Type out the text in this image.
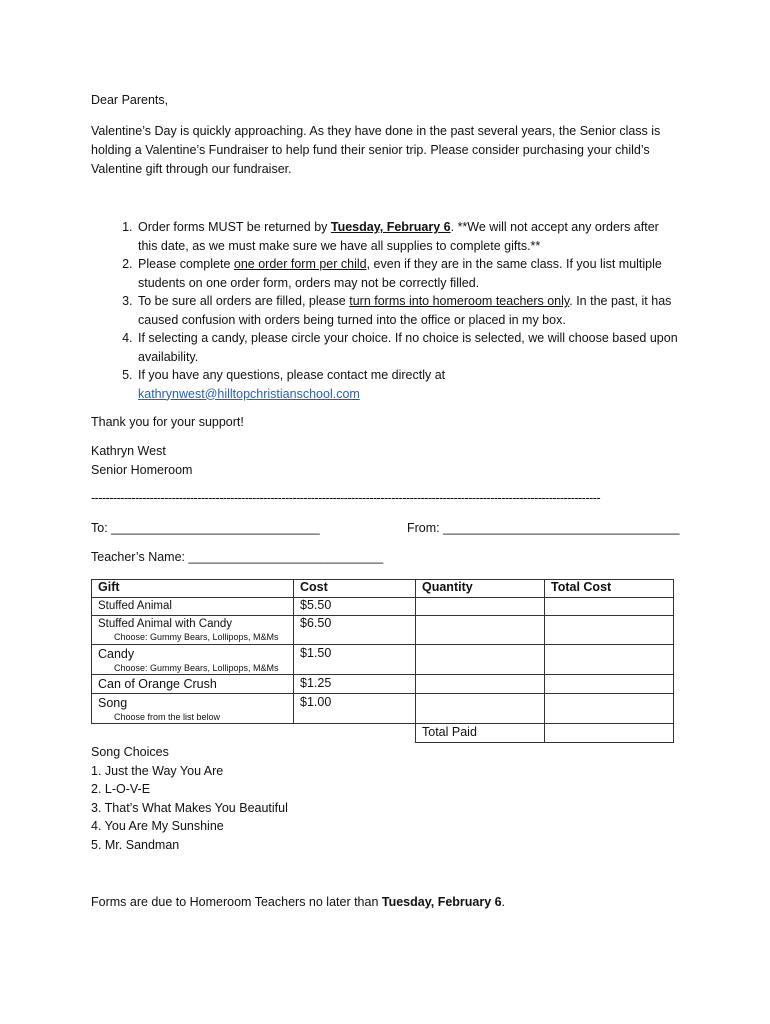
Dear Parents,
Valentine’s Day is quickly approaching. As they have done in the past several years, the Senior class is holding a Valentine’s Fundraiser to help fund their senior trip. Please consider purchasing your child’s Valentine gift through our fundraiser.
1. Order forms MUST be returned by Tuesday, February 6. **We will not accept any orders after this date, as we must make sure we have all supplies to complete gifts.**
2. Please complete one order form per child, even if they are in the same class. If you list multiple students on one order form, orders may not be correctly filled.
3. To be sure all orders are filled, please turn forms into homeroom teachers only. In the past, it has caused confusion with orders being turned into the office or placed in my box.
4. If selecting a candy, please circle your choice. If no choice is selected, we will choose based upon availability.
5. If you have any questions, please contact me directly at
kathrynwest@hilltopchristianschool.com
Thank you for your support!
Kathryn West
Senior Homeroom
-------------------------------------------------------------------------------------------------------------------------------------------
To: ______________________________	From: __________________________________
Teacher’s Name: ____________________________
Gift	Cost	Quantity	Total Cost

Stuffed Animal	$5.50		

Stuffed Animal with Candy
Choose: Gummy Bears, Lollipops, M&Ms	$6.50		

Candy
Choose: Gummy Bears, Lollipops, M&Ms	$1.50		

Can of Orange Crush	$1.25		

Song
Choose from the list below	$1.00		
		Total Paid	
Song Choices
1. Just the Way You Are
2. L-O-V-E
3. That’s What Makes You Beautiful
4. You Are My Sunshine
5. Mr. Sandman
Forms are due to Homeroom Teachers no later than Tuesday, February 6.
